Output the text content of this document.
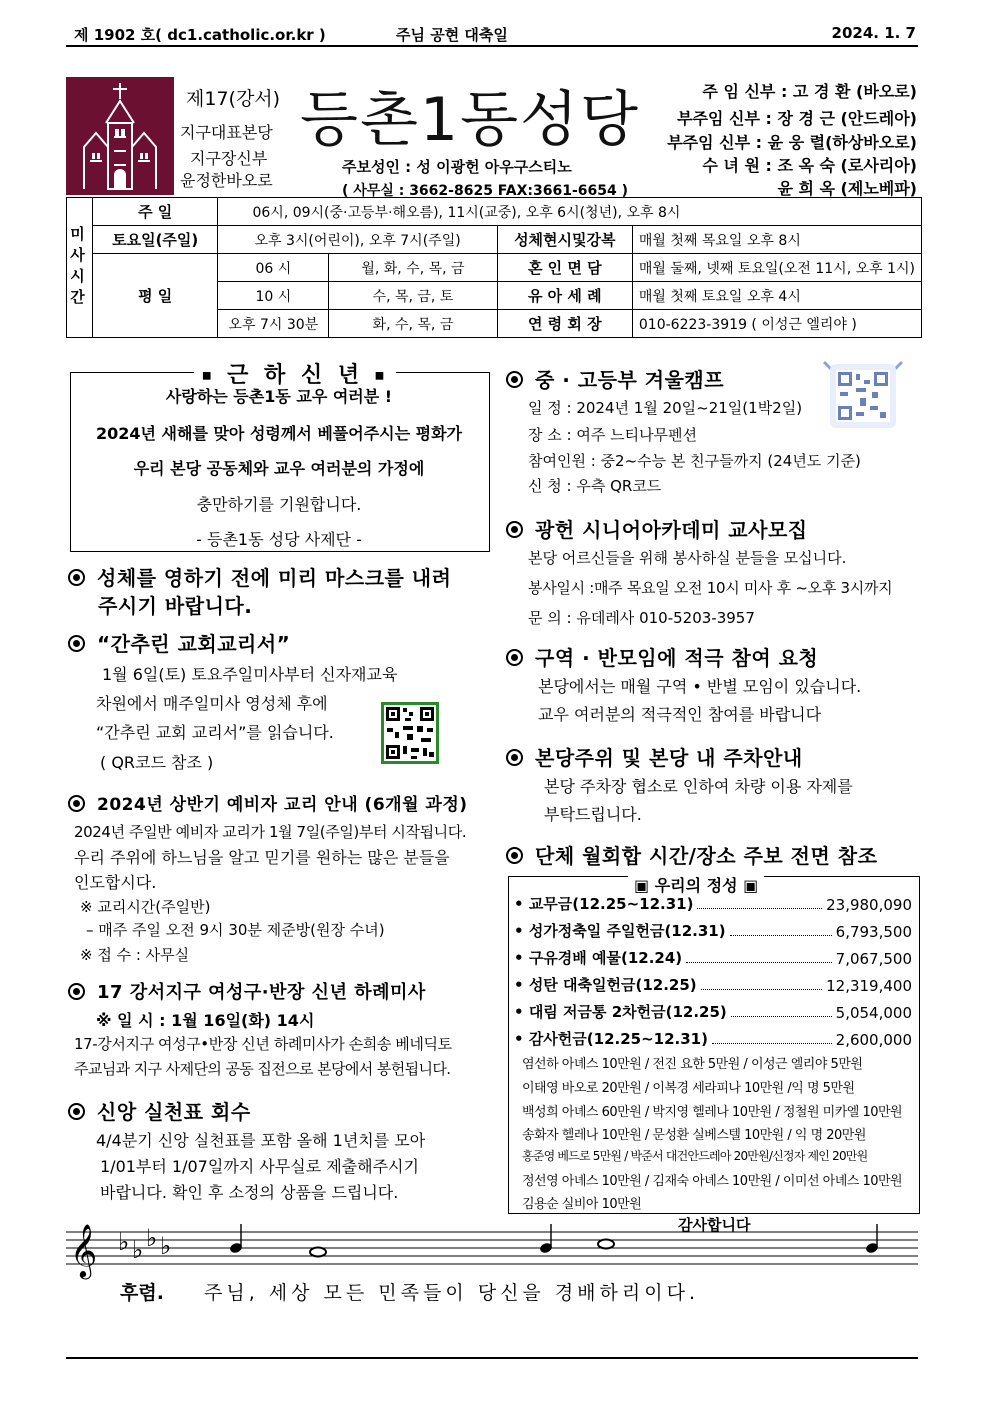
제 1902 호( dc1.catholic.or.kr )	주님 공현 대축일	2024. 1. 7
제17(강서)
지구대표본당
지구장신부
윤정한바오로
등촌1동성당
주보성인 : 성 이광헌 아우구스티노
( 사무실 : 3662-8625 FAX:3661-6654 )
주 임 신부 : 고 경 환 (바오로)
부주임 신부 : 장 경 근 (안드레아)
부주임 신부 : 윤 웅 렬(하상바오로)
수 녀 원 : 조 옥 숙 (로사리아)
윤 희 옥 (제노베파)
미사시간	주 일	06시, 09시(중·고등부·해오름), 11시(교중), 오후 6시(청년), 오후 8시			
	토요일(주일)	오후 3시(어린이), 오후 7시(주일)		성체현시및강복	매월 첫째 목요일 오후 8시
	평 일	06 시	월, 화, 수, 목, 금	혼 인 면 담	매월 둘째, 넷째 토요일(오전 11시, 오후 1시)
		10 시	수, 목, 금, 토	유 아 세 례	매월 첫째 토요일 오후 4시
		오후 7시 30분	화, 수, 목, 금	연 령 회 장	010-6223-3919 ( 이성근 엘리야 )
■ 근 하 신 년 ■
사랑하는 등촌1동 교우 여러분 !
2024년 새해를 맞아 성령께서 베풀어주시는 평화가
우리 본당 공동체와 교우 여러분의 가정에
충만하기를 기원합니다.
- 등촌1동 성당 사제단 -
성체를 영하기 전에 미리 마스크를 내려
주시기 바랍니다.
“간추린 교회교리서”
1월 6일(토) 토요주일미사부터 신자재교육
차원에서 매주일미사 영성체 후에
“간추린 교회 교리서”를 읽습니다.
( QR코드 참조 )
2024년 상반기 예비자 교리 안내 (6개월 과정)
2024년 주일반 예비자 교리가 1월 7일(주일)부터 시작됩니다.
우리 주위에 하느님을 알고 믿기를 원하는 많은 분들을
인도합시다.
※ 교리시간(주일반)
– 매주 주일 오전 9시 30분 제준방(원장 수녀)
※ 접 수 : 사무실
17 강서지구 여성구·반장 신년 하례미사
※ 일 시 : 1월 16일(화) 14시
17-강서지구 여성구•반장 신년 하례미사가 손희송 베네딕토
주교님과 지구 사제단의 공동 집전으로 본당에서 봉헌됩니다.
신앙 실천표 회수
4/4분기 신앙 실천표를 포함 올해 1년치를 모아
1/01부터 1/07일까지 사무실로 제출해주시기
바랍니다. 확인 후 소정의 상품을 드립니다.
중 · 고등부 겨울캠프
일 정 : 2024년 1월 20일~21일(1박2일)
장 소 : 여주 느티나무펜션
참여인원 : 중2~수능 본 친구들까지 (24년도 기준)
신 청 : 우측 QR코드
광헌 시니어아카데미 교사모집
본당 어르신들을 위해 봉사하실 분들을 모십니다.
봉사일시 :매주 목요일 오전 10시 미사 후 ~오후 3시까지
문 의 : 유데레사 010-5203-3957
구역 · 반모임에 적극 참여 요청
본당에서는 매월 구역 • 반별 모임이 있습니다.
교우 여러분의 적극적인 참여를 바랍니다
본당주위 및 본당 내 주차안내
본당 주차장 협소로 인하여 차량 이용 자제를
부탁드립니다.
단체 월회합 시간/장소 주보 전면 참조
▣ 우리의 정성 ▣
• 교무금(12.25~12.31)	23,980,090
• 성가정축일 주일헌금(12.31)	6,793,500
• 구유경배 예물(12.24)	7,067,500
• 성탄 대축일헌금(12.25)	12,319,400
• 대림 저금통 2차헌금(12.25)	5,054,000
• 감사헌금(12.25~12.31)	2,600,000
염선하 아녜스 10만원 / 전진 요한 5만원 / 이성근 엘리야 5만원
이태영 바오로 20만원 / 이복경 세라피나 10만원 /익 명 5만원
백성희 아녜스 60만원 / 박지영 헬레나 10만원 / 정철원 미카엘 10만원
송화자 헬레나 10만원 / 문성환 실베스텔 10만원 / 익 명 20만원
홍준영 베드로 5만원 / 박준서 대건안드레아 20만원/신정자 제인 20만원
정선영 아녜스 10만원 / 김재숙 아녜스 10만원 / 이미선 아녜스 10만원
김용순 실비아 10만원
감사합니다
𝄞 ♭ ♭ ♭ ♭
후렴. 주님, 세상 모든 민족들이 당신을 경배하리이다.
